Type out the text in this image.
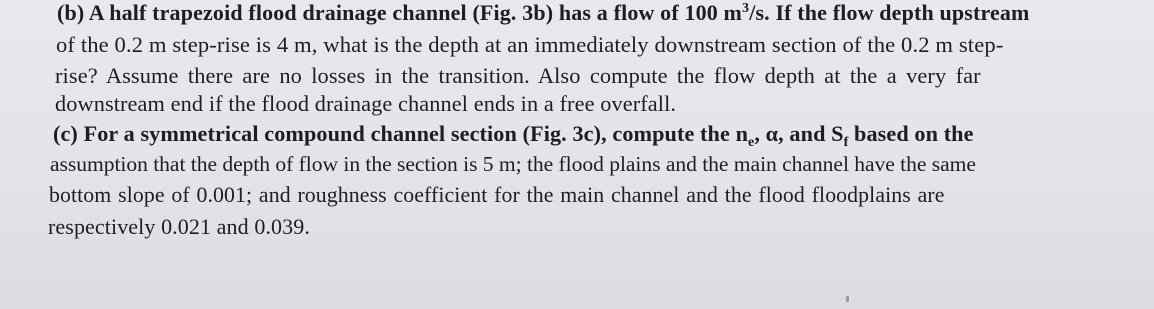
(b) A half trapezoid flood drainage channel (Fig. 3b) has a flow of 100 $m^3/s$. If the flow depth upstream
of the 0.2 m step-rise is 4 m, what is the depth at an immediately downstream section of the 0.2 m step-
rise? Assume there are no losses in the transition. Also compute the flow depth at the a very far
downstream end if the flood drainage channel ends in a free overfall.
(c) For a symmetrical compound channel section (Fig. 3c), compute the $n_e$, α, and $S_f$ based on the
assumption that the depth of flow in the section is 5 m; the flood plains and the main channel have the same
bottom slope of 0.001; and roughness coefficient for the main channel and the flood floodplains are
respectively 0.021 and 0.039.
